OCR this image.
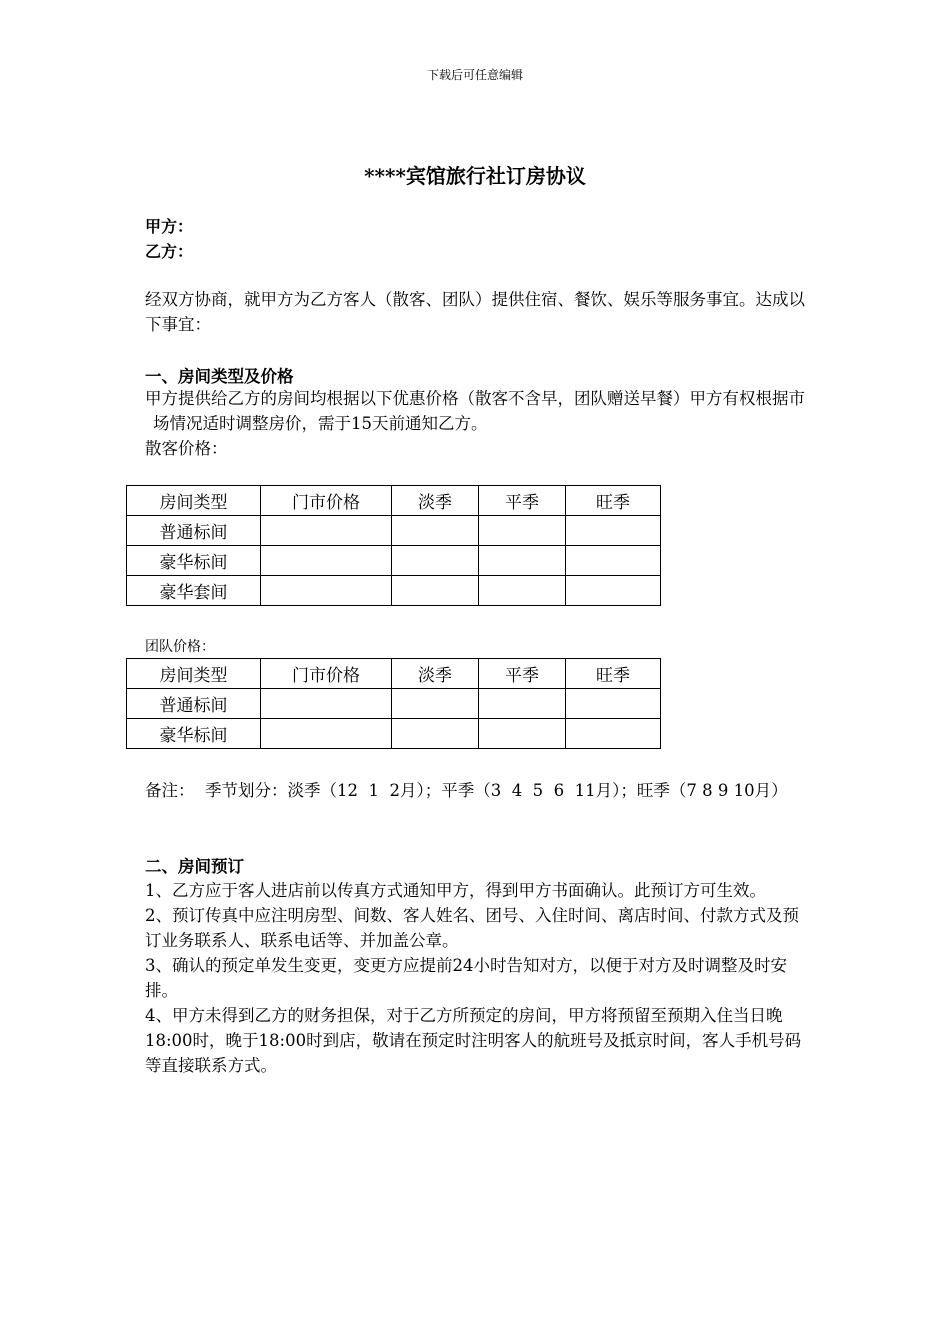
下载后可任意编辑
****宾馆旅行社订房协议
甲方：
乙方：
经双方协商，就甲方为乙方客人（散客、团队）提供住宿、餐饮、娱乐等服务事宜。达成以下事宜：
一、房间类型及价格
甲方提供给乙方的房间均根据以下优惠价格（散客不含早，团队赠送早餐）甲方有权根据市场情况适时调整房价，需于15天前通知乙方。
散客价格：
房间类型	门市价格	淡季	平季	旺季
普通标间				
豪华标间				
豪华套间				
团队价格：
房间类型	门市价格	淡季	平季	旺季
普通标间				
豪华标间				
备注：  季节划分：淡季（12  1  2月）；平季（3  4  5  6  11月）；旺季（7 8 9 10月）
二、房间预订
1、乙方应于客人进店前以传真方式通知甲方，得到甲方书面确认。此预订方可生效。
2、预订传真中应注明房型、间数、客人姓名、团号、入住时间、离店时间、付款方式及预订业务联系人、联系电话等、并加盖公章。
3、确认的预定单发生变更，变更方应提前24小时告知对方，以便于对方及时调整及时安排。
4、甲方未得到乙方的财务担保，对于乙方所预定的房间，甲方将预留至预期入住当日晚18:00时，晚于18:00时到店，敬请在预定时注明客人的航班号及抵京时间，客人手机号码等直接联系方式。
